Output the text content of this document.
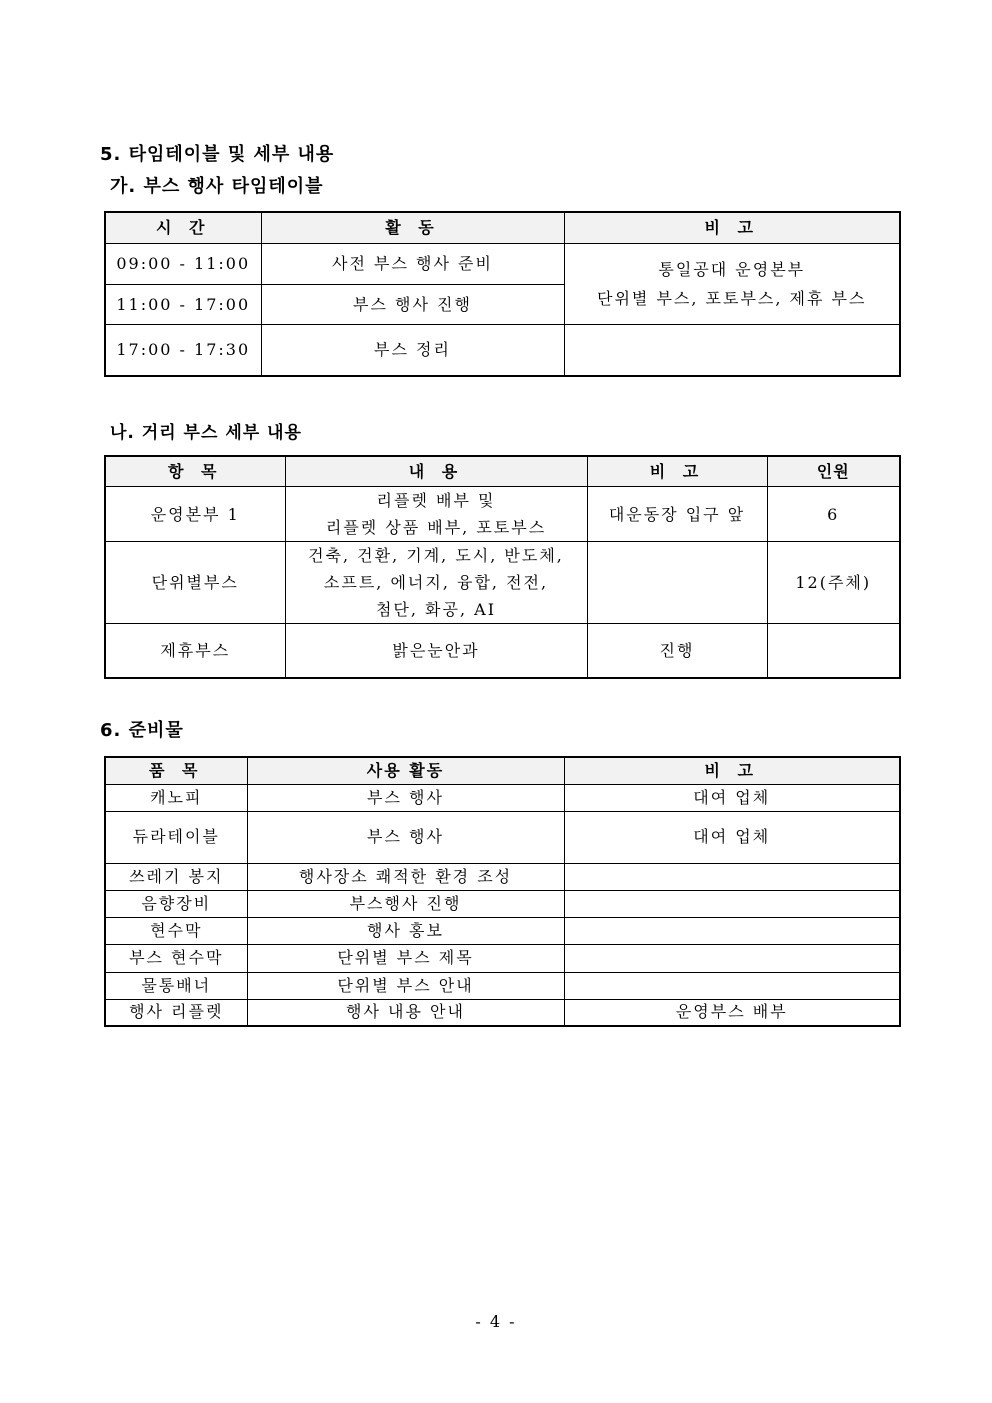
5. 타임테이블 및 세부 내용
가. 부스 행사 타임테이블
시 간	활 동	비 고
09:00 - 11:00	사전 부스 행사 준비	통일공대 운영본부
단위별 부스, 포토부스, 제휴 부스

11:00 - 17:00	부스 행사 진행	
17:00 - 17:30	부스 정리	
나. 거리 부스 세부 내용
항 목	내 용	비 고	인원
운영본부 1	리플렛 배부 및
리플렛 상품 배부, 포토부스	대운동장 입구 앞	6
단위별부스	건축, 건환, 기계, 도시, 반도체,
소프트, 에너지, 융합, 전전,
첨단, 화공, AI		12(주체)
제휴부스	밝은눈안과	진행	
6. 준비물
품 목	사용 활동	비 고
캐노피	부스 행사	대여 업체
듀라테이블	부스 행사	대여 업체
쓰레기 봉지	행사장소 쾌적한 환경 조성	
음향장비	부스행사 진행	
현수막	행사 홍보	
부스 현수막	단위별 부스 제목	
물통배너	단위별 부스 안내	
행사 리플렛	행사 내용 안내	운영부스 배부
- 4 -
